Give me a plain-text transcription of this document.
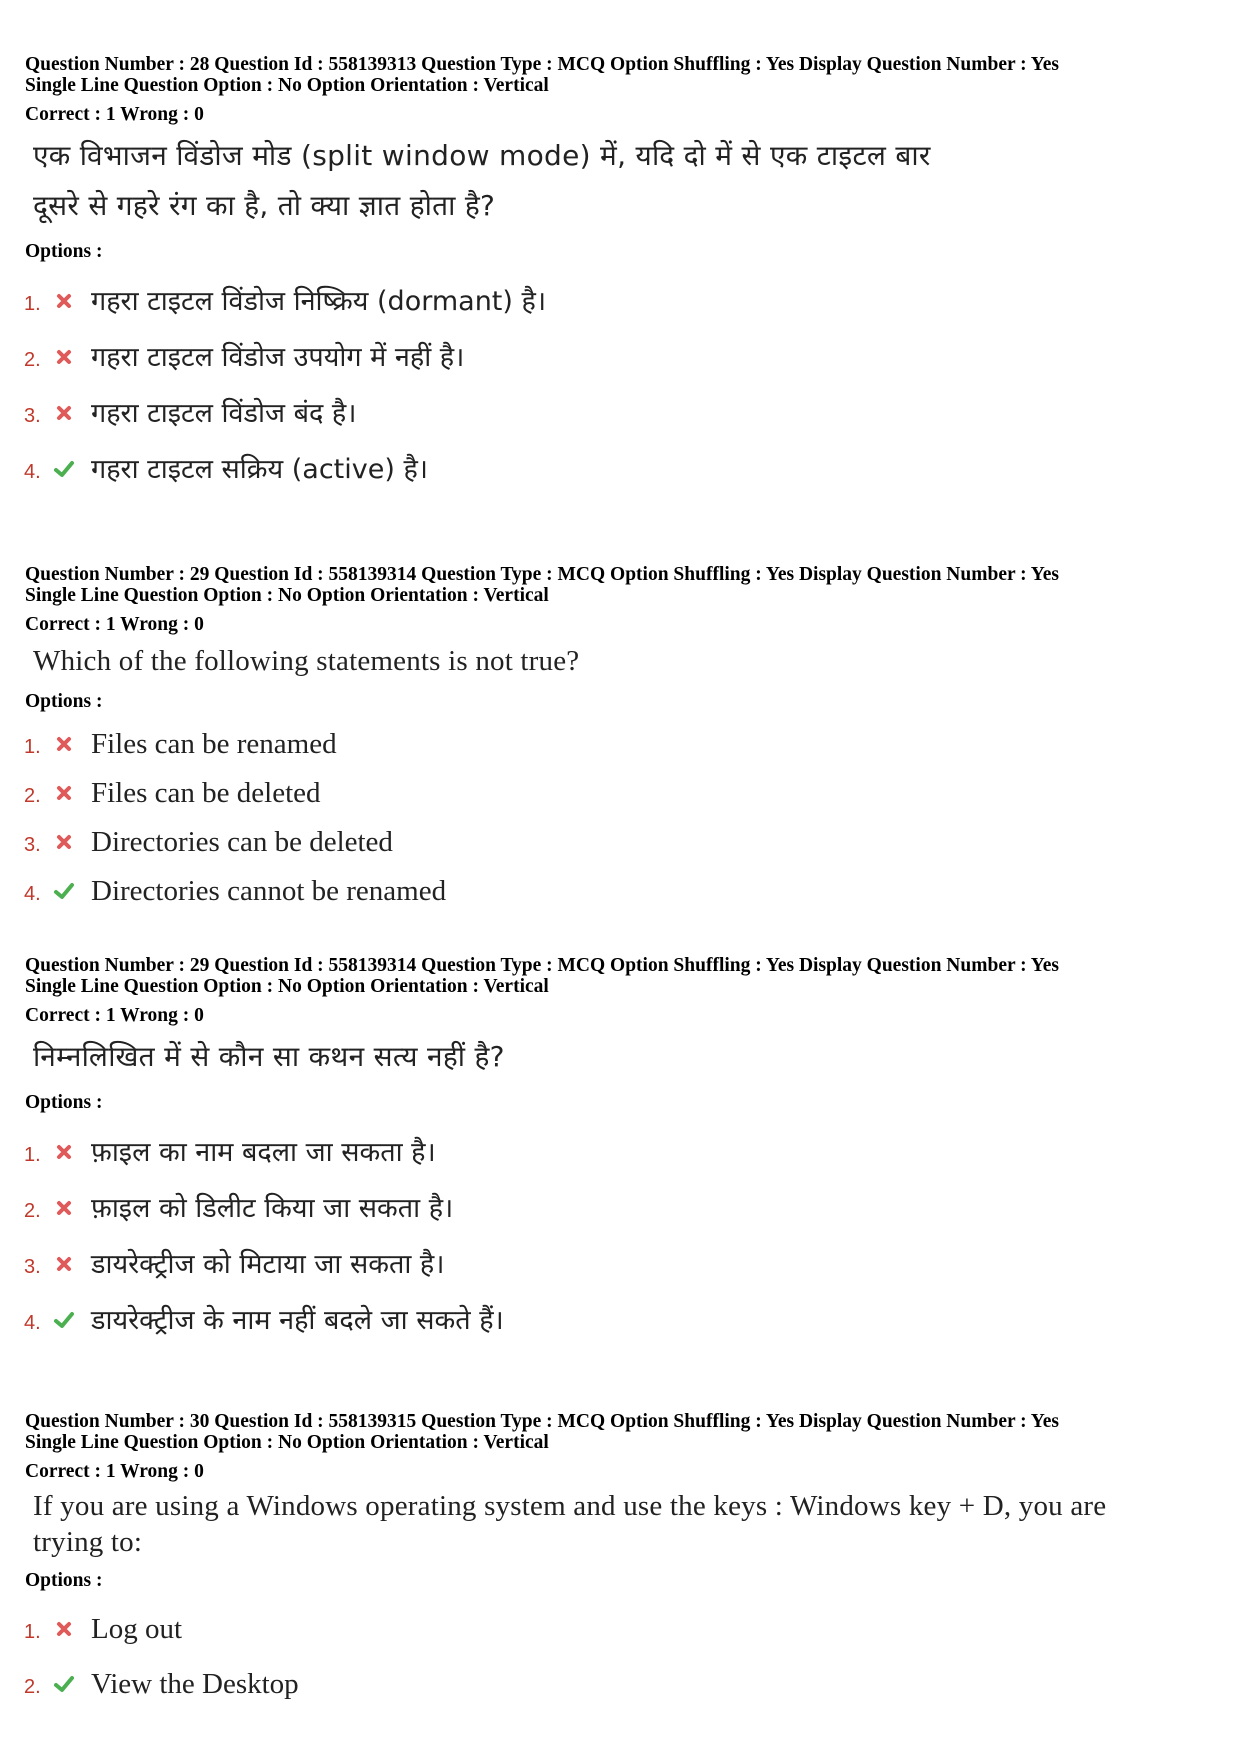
Question Number : 28 Question Id : 558139313 Question Type : MCQ Option Shuffling : Yes Display Question Number : Yes
Single Line Question Option : No Option Orientation : Vertical
Correct : 1 Wrong : 0
एक विभाजन विंडोज मोड (split window mode) में, यदि दो में से एक टाइटल बार
दूसरे से गहरे रंग का है, तो क्या ज्ञात होता है?
Options :
1. गहरा टाइटल विंडोज निष्क्रिय (dormant) है।
2. गहरा टाइटल विंडोज उपयोग में नहीं है।
3. गहरा टाइटल विंडोज बंद है।
4. गहरा टाइटल सक्रिय (active) है।
Question Number : 29 Question Id : 558139314 Question Type : MCQ Option Shuffling : Yes Display Question Number : Yes
Single Line Question Option : No Option Orientation : Vertical
Correct : 1 Wrong : 0
Which of the following statements is not true?
Options :
1. Files can be renamed
2. Files can be deleted
3. Directories can be deleted
4. Directories cannot be renamed
Question Number : 29 Question Id : 558139314 Question Type : MCQ Option Shuffling : Yes Display Question Number : Yes
Single Line Question Option : No Option Orientation : Vertical
Correct : 1 Wrong : 0
निम्नलिखित में से कौन सा कथन सत्य नहीं है?
Options :
1. फ़ाइल का नाम बदला जा सकता है।
2. फ़ाइल को डिलीट किया जा सकता है।
3. डायरेक्ट्रीज को मिटाया जा सकता है।
4. डायरेक्ट्रीज के नाम नहीं बदले जा सकते हैं।
Question Number : 30 Question Id : 558139315 Question Type : MCQ Option Shuffling : Yes Display Question Number : Yes
Single Line Question Option : No Option Orientation : Vertical
Correct : 1 Wrong : 0
If you are using a Windows operating system and use the keys : Windows key + D, you are
trying to:
Options :
1. Log out
2. View the Desktop
